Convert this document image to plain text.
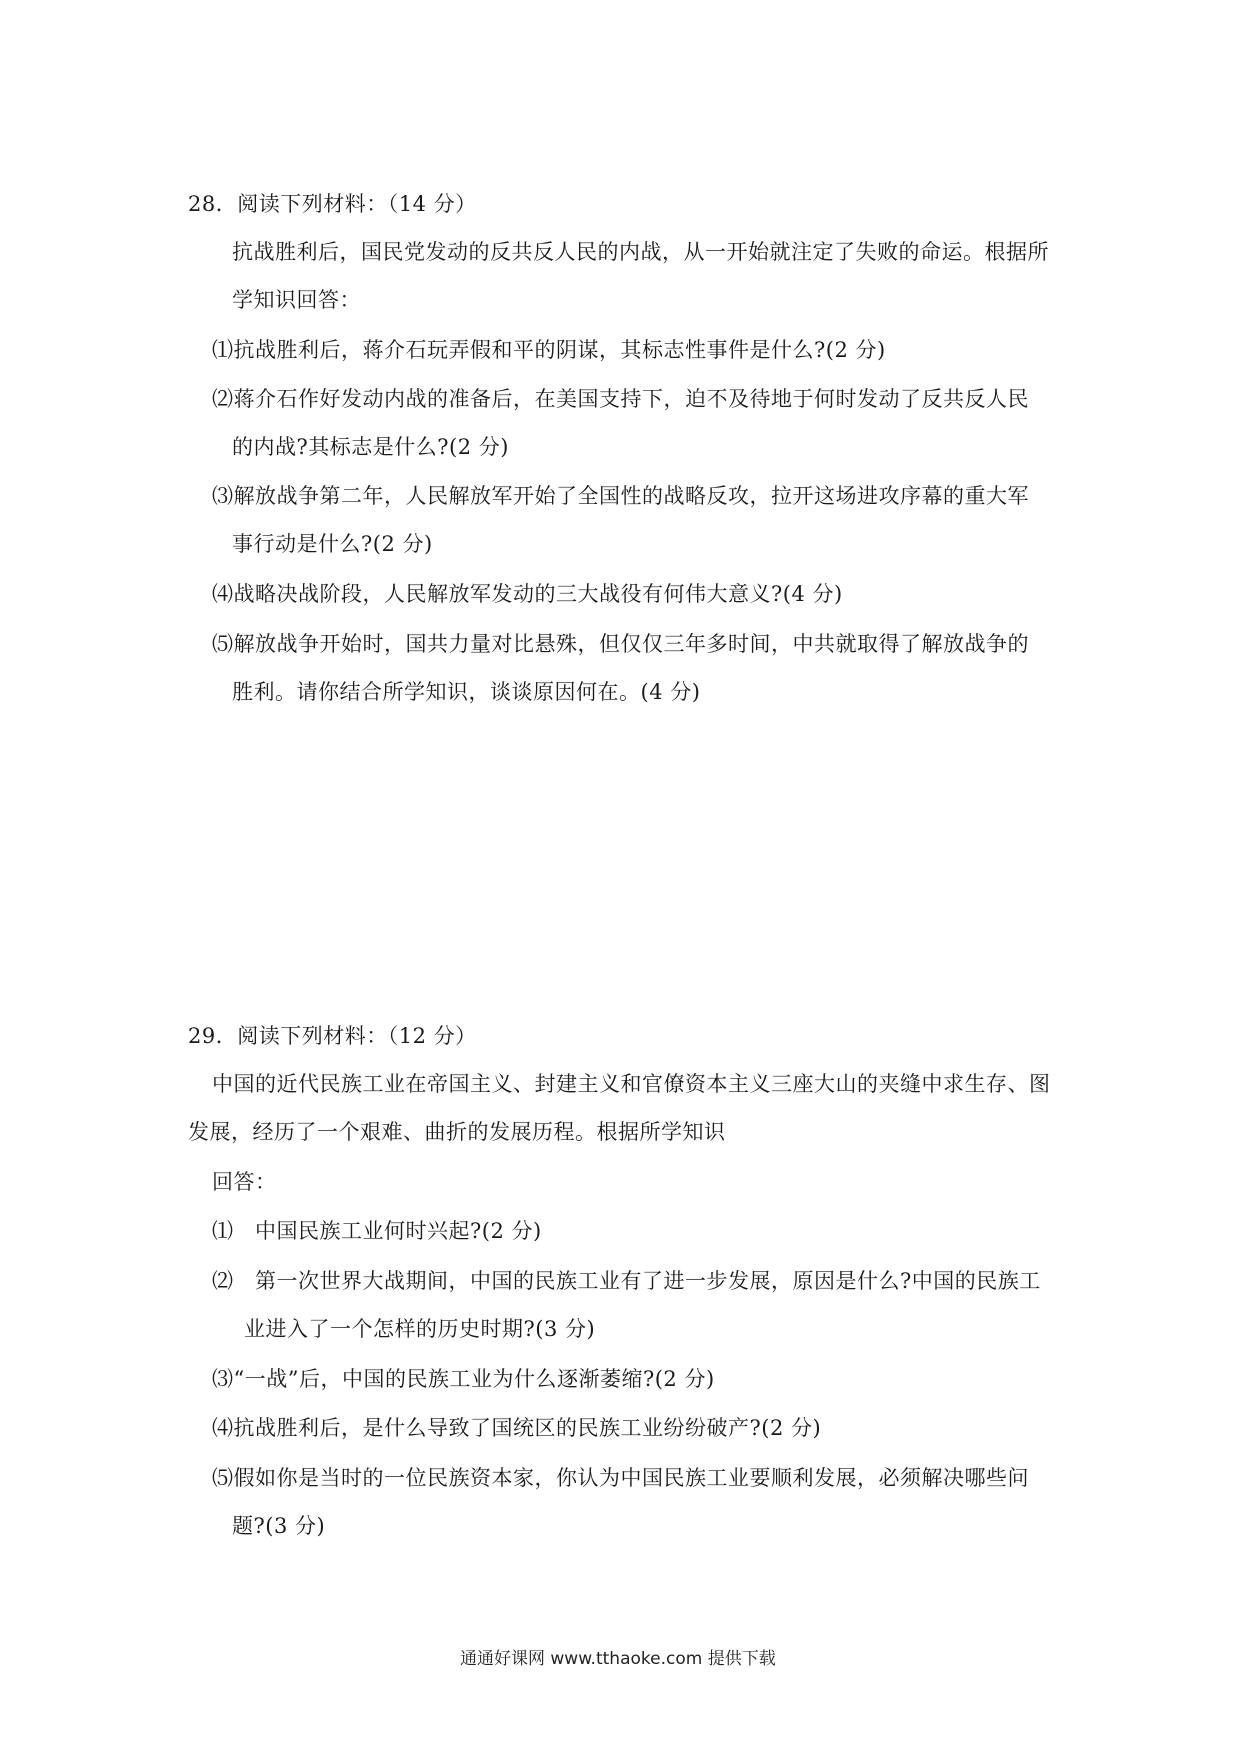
28．阅读下列材料：（14 分）
抗战胜利后，国民党发动的反共反人民的内战，从一开始就注定了失败的命运。根据所
学知识回答：
⑴抗战胜利后，蒋介石玩弄假和平的阴谋，其标志性事件是什么?(2 分)
⑵蒋介石作好发动内战的准备后，在美国支持下，迫不及待地于何时发动了反共反人民
的内战?其标志是什么?(2 分)
⑶解放战争第二年，人民解放军开始了全国性的战略反攻，拉开这场进攻序幕的重大军
事行动是什么?(2 分)
⑷战略决战阶段，人民解放军发动的三大战役有何伟大意义?(4 分)
⑸解放战争开始时，国共力量对比悬殊，但仅仅三年多时间，中共就取得了解放战争的
胜利。请你结合所学知识，谈谈原因何在。(4 分)
29．阅读下列材料：（12 分）
中国的近代民族工业在帝国主义、封建主义和官僚资本主义三座大山的夹缝中求生存、图
发展，经历了一个艰难、曲折的发展历程。根据所学知识
回答：
⑴　中国民族工业何时兴起?(2 分)
⑵　第一次世界大战期间，中国的民族工业有了进一步发展，原因是什么?中国的民族工
业进入了一个怎样的历史时期?(3 分)
⑶“一战”后，中国的民族工业为什么逐渐萎缩?(2 分)
⑷抗战胜利后，是什么导致了国统区的民族工业纷纷破产?(2 分)
⑸假如你是当时的一位民族资本家，你认为中国民族工业要顺利发展，必须解决哪些问
题?(3 分)
通通好课网 www.tthaoke.com 提供下载
